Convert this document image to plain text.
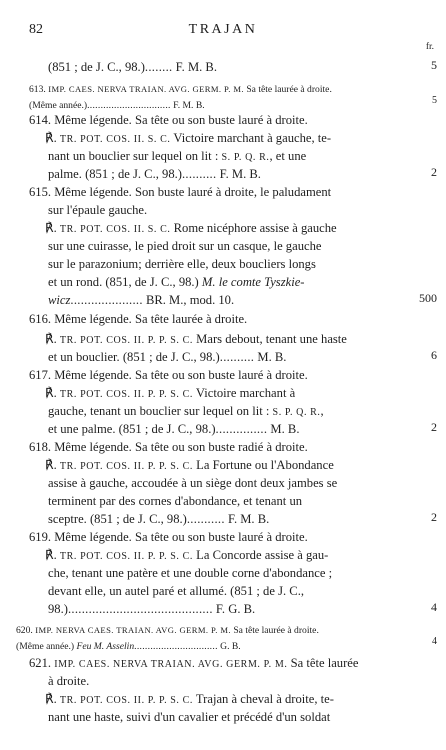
82	TRAJAN
fr.
(851 ; de J. C., 98.)........ F. M. B.	5
613. IMP. CAES. NERVA TRAIAN. AVG. GERM. P. M. Sa tête laurée à droite.
(Même année.)............................... F. M. B.	5
614. Même légende. Sa tête ou son buste lauré à droite.
℟. TR. POT. COS. II. S. C. Victoire marchant à gauche, te-
nant un bouclier sur lequel on lit : S. P. Q. R., et une
palme. (851 ; de J. C., 98.).......... F. M. B.	2
615. Même légende. Son buste lauré à droite, le paludament
sur l'épaule gauche.
℟. TR. POT. COS. II. S. C. Rome nicéphore assise à gauche
sur une cuirasse, le pied droit sur un casque, le gauche
sur le parazonium; derrière elle, deux boucliers longs
et un rond. (851, de J. C., 98.) M. le comte Tyszkie-
wicz..................... BR. M., mod. 10.	500
616. Même légende. Sa tête laurée à droite.
℟. TR. POT. COS. II. P. P. S. C. Mars debout, tenant une haste
et un bouclier. (851 ; de J. C., 98.).......... M. B.	6
617. Même légende. Sa tête ou son buste lauré à droite.
℟. TR. POT. COS. II. P. P. S. C. Victoire marchant à
gauche, tenant un bouclier sur lequel on lit : S. P. Q. R.,
et une palme. (851 ; de J. C., 98.)............... M. B.	2
618. Même légende. Sa tête ou son buste radié à droite.
℟. TR. POT. COS. II. P. P. S. C. La Fortune ou l'Abondance
assise à gauche, accoudée à un siège dont deux jambes se
terminent par des cornes d'abondance, et tenant un
sceptre. (851 ; de J. C., 98.)........... F. M. B.	2
619. Même légende. Sa tête ou son buste lauré à droite.
℟. TR. POT. COS. II. P. P. S. C. La Concorde assise à gau-
che, tenant une patère et une double corne d'abondance ;
devant elle, un autel paré et allumé. (851 ; de J. C.,
98.).......................................... F. G. B.	4
620. IMP. NERVA CAES. TRAIAN. AVG. GERM. P. M. Sa tête laurée à droite.
(Même année.) Feu M. Asselin............................... G. B.	4
621. IMP. CAES. NERVA TRAIAN. AVG. GERM. P. M. Sa tête laurée
à droite.
℟. TR. POT. COS. II. P. P. S. C. Trajan à cheval à droite, te-
nant une haste, suivi d'un cavalier et précédé d'un soldat
